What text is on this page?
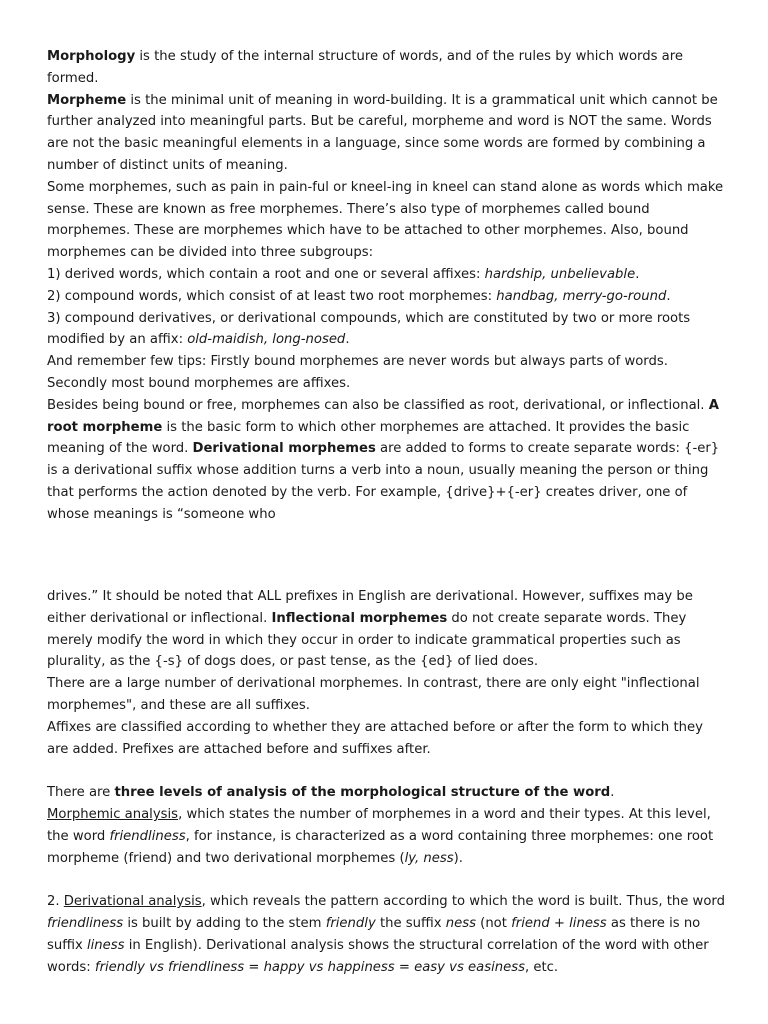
Morphology is the study of the internal structure of words, and of the rules by which words are formed.
Morpheme is the minimal unit of meaning in word-building. It is a grammatical unit which cannot be further analyzed into meaningful parts. But be careful, morpheme and word is NOT the same. Words are not the basic meaningful elements in a language, since some words are formed by combining a number of distinct units of meaning.

Some morphemes, such as pain in pain-ful or kneel-ing in kneel can stand alone as words which make sense. These are known as free morphemes. There’s also type of morphemes called bound morphemes. These are morphemes which have to be attached to other morphemes. Also, bound morphemes can be divided into three subgroups:

1) derived words, which contain a root and one or several affixes: hardship, unbelievable.

2) compound words, which consist of at least two root morphemes: handbag, merry-go-round.

3) compound derivatives, or derivational compounds, which are constituted by two or more roots modified by an affix: old-maidish, long-nosed.

And remember few tips: Firstly bound morphemes are never words but always parts of words. Secondly most bound morphemes are affixes.

Besides being bound or free, morphemes can also be classified as root, derivational, or inflectional. A root morpheme is the basic form to which other morphemes are attached. It provides the basic meaning of the word. Derivational morphemes are added to forms to create separate words: {-er} is a derivational suffix whose addition turns a verb into a noun, usually meaning the person or thing that performs the action denoted by the verb. For example, {drive}+{-er} creates driver, one of whose meanings is “someone who

drives.” It should be noted that ALL prefixes in English are derivational. However, suffixes may be either derivational or inflectional. Inflectional morphemes do not create separate words. They merely modify the word in which they occur in order to indicate grammatical properties such as plurality, as the {-s} of dogs does, or past tense, as the {ed} of lied does.

There are a large number of derivational morphemes. In contrast, there are only eight "inflectional morphemes", and these are all suffixes.

Affixes are classified according to whether they are attached before or after the form to which they are added. Prefixes are attached before and suffixes after.

There are three levels of analysis of the morphological structure of the word.

Morphemic analysis, which states the number of morphemes in a word and their types. At this level, the word friendliness, for instance, is characterized as a word containing three morphemes: one root morpheme (friend) and two derivational morphemes (ly, ness).

2. Derivational analysis, which reveals the pattern according to which the word is built. Thus, the word friendliness is built by adding to the stem friendly the suffix ness (not friend + liness as there is no suffix liness in English). Derivational analysis shows the structural correlation of the word with other words: friendly vs friendliness = happy vs happiness = easy vs easiness, etc.
